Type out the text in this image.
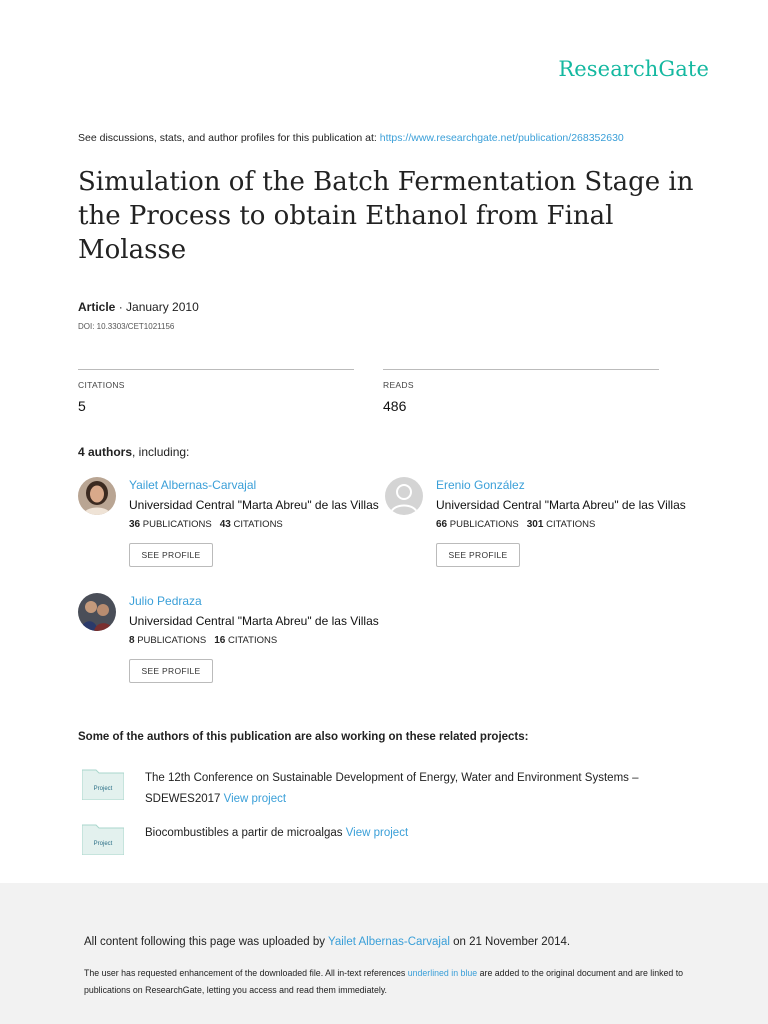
ResearchGate
See discussions, stats, and author profiles for this publication at: https://www.researchgate.net/publication/268352630
Simulation of the Batch Fermentation Stage in the Process to obtain Ethanol from Final Molasse
Article · January 2010
DOI: 10.3303/CET1021156
CITATIONS
5
READS
486
4 authors, including:
Yailet Albernas-Carvajal
Universidad Central "Marta Abreu" de las Villas
36 PUBLICATIONS 43 CITATIONS
SEE PROFILE
Erenio González
Universidad Central "Marta Abreu" de las Villas
66 PUBLICATIONS 301 CITATIONS
SEE PROFILE
Julio Pedraza
Universidad Central "Marta Abreu" de las Villas
8 PUBLICATIONS 16 CITATIONS
SEE PROFILE
Some of the authors of this publication are also working on these related projects:
Project
The 12th Conference on Sustainable Development of Energy, Water and Environment Systems – SDEWES2017 View project
Project
Biocombustibles a partir de microalgas View project
All content following this page was uploaded by Yailet Albernas-Carvajal on 21 November 2014.
The user has requested enhancement of the downloaded file. All in-text references underlined in blue are added to the original document and are linked to publications on ResearchGate, letting you access and read them immediately.
